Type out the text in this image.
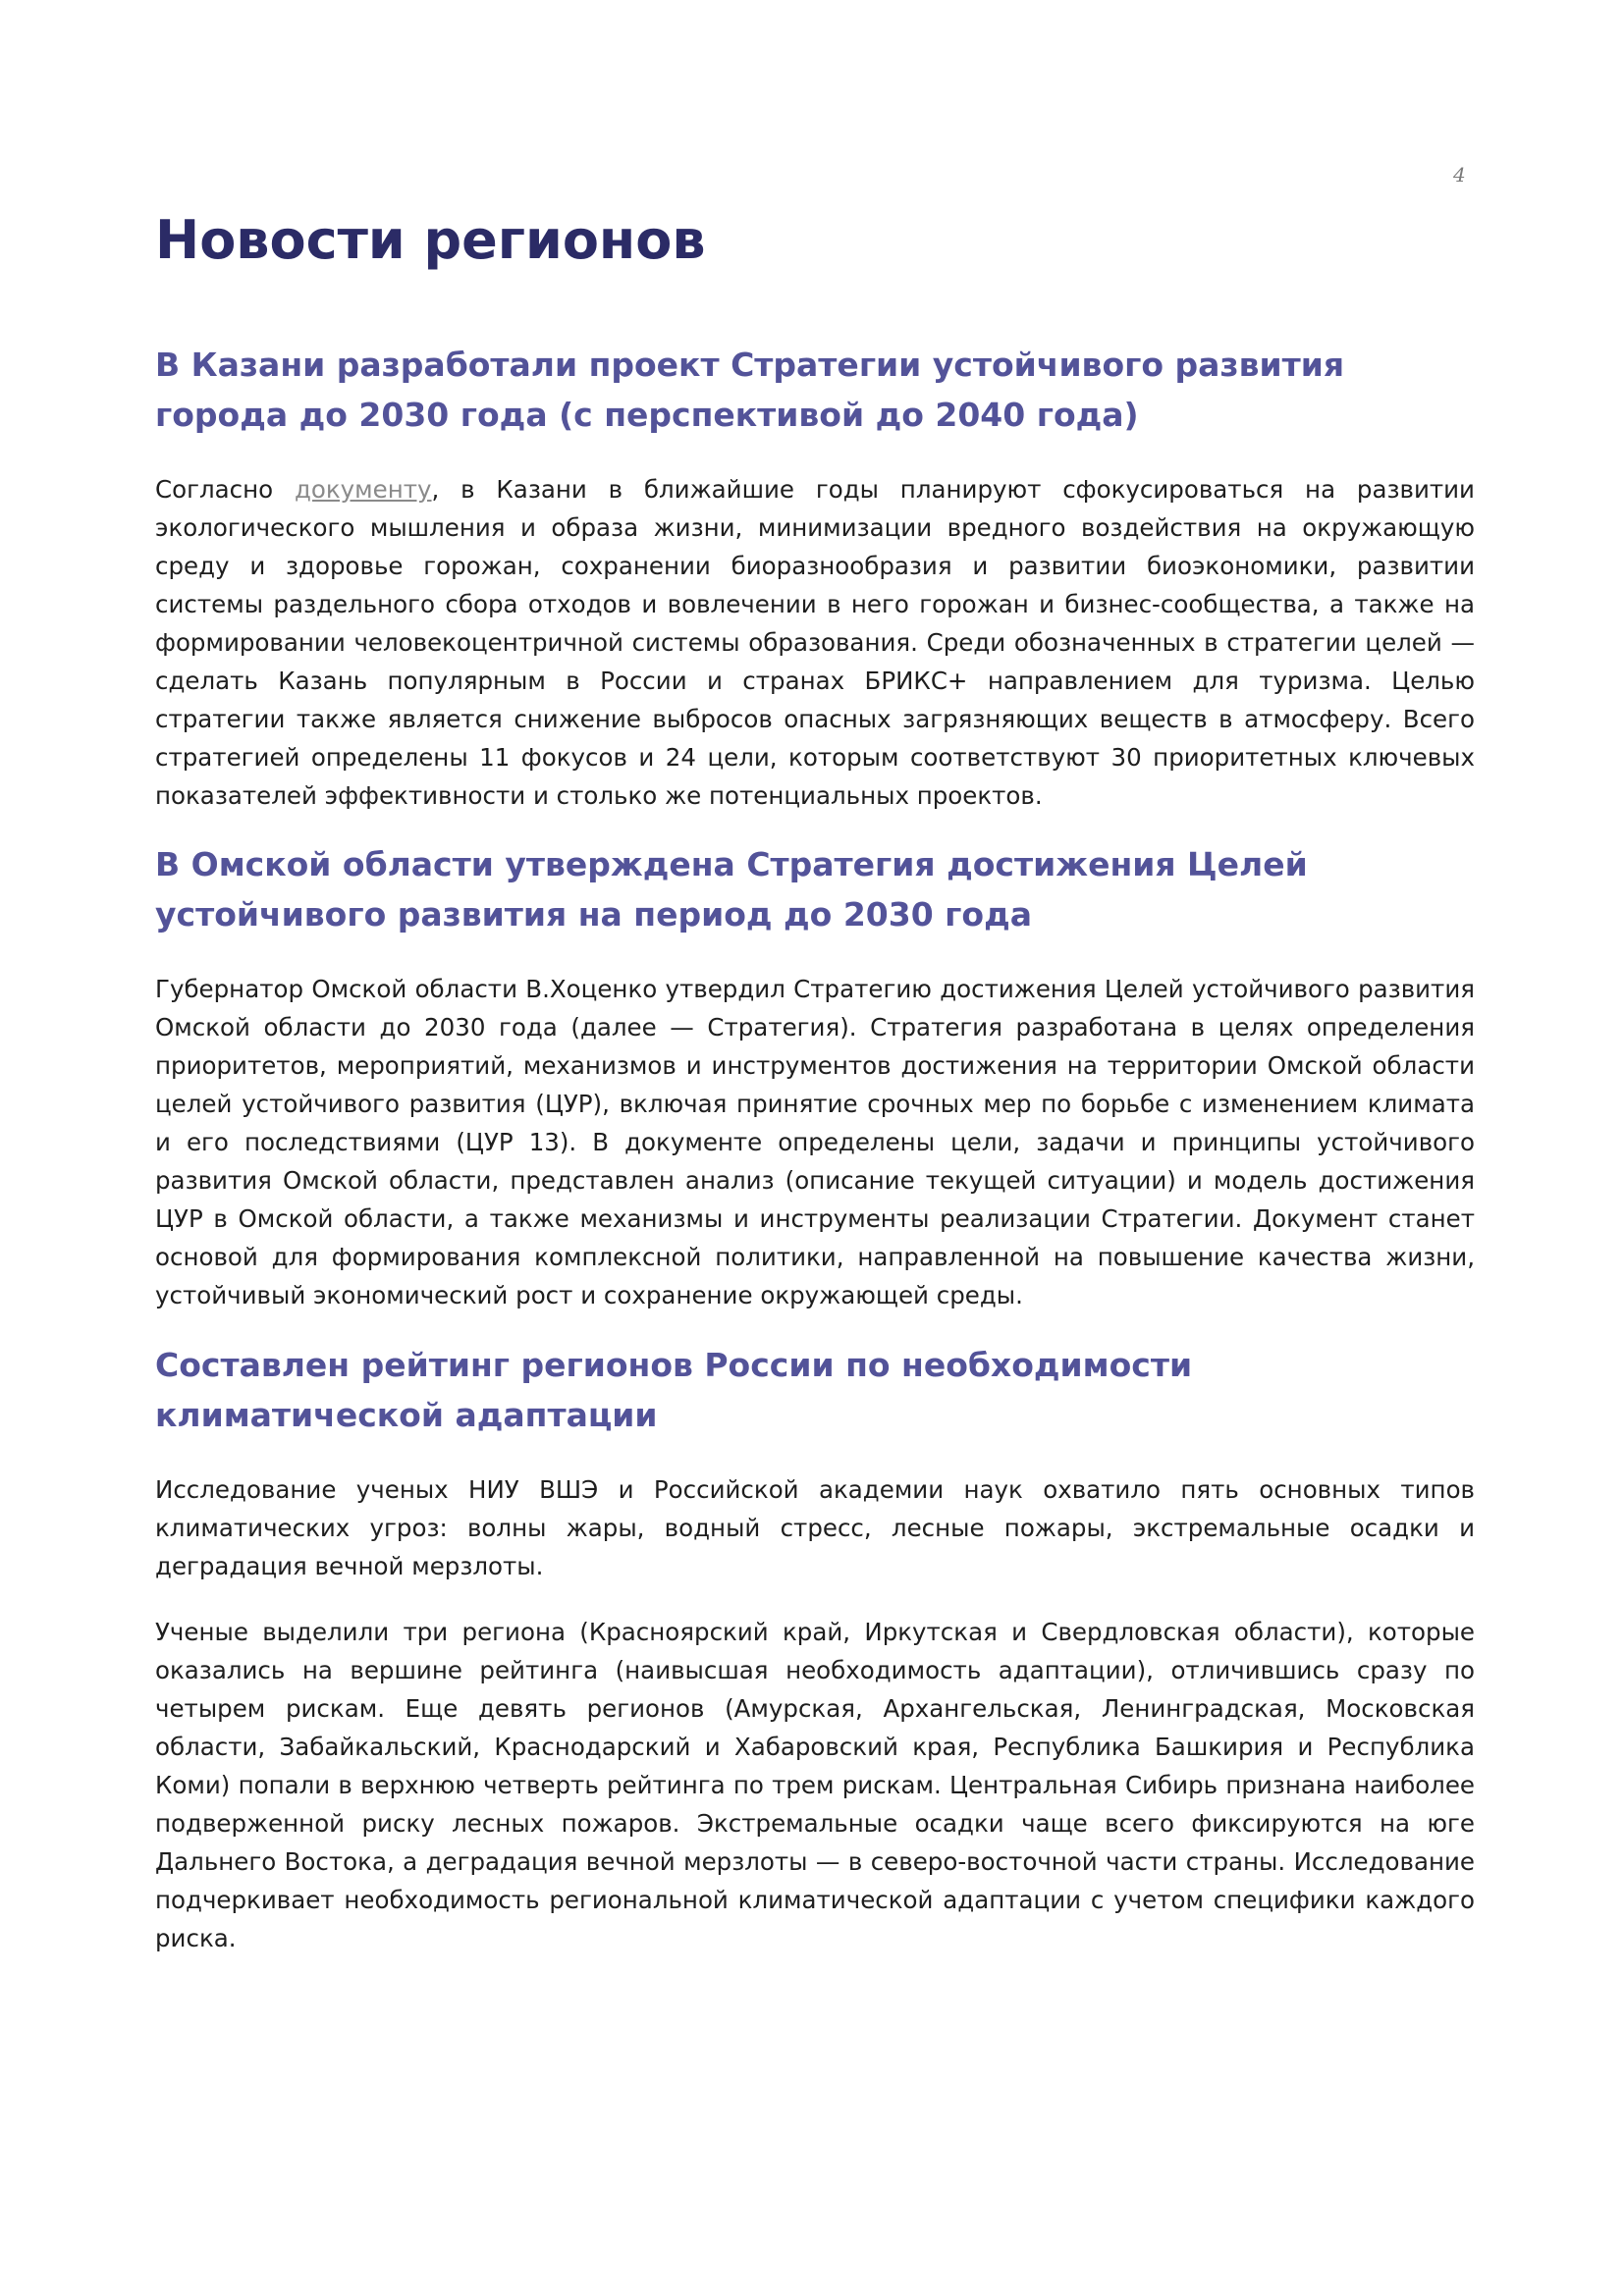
4
Новости регионов
В Казани разработали проект Стратегии устойчивого развития города до 2030 года (с перспективой до 2040 года)

Согласно документу, в Казани в ближайшие годы планируют сфокусироваться на развитии экологического мышления и образа жизни, минимизации вредного воздействия на окружающую среду и здоровье горожан, сохранении биоразнообразия и развитии биоэкономики, развитии системы раздельного сбора отходов и вовлечении в него горожан и бизнес-сообщества, а также на формировании человекоцентричной системы образования. Среди обозначенных в стратегии целей — сделать Казань популярным в России и странах БРИКС+ направлением для туризма. Целью стратегии также является снижение выбросов опасных загрязняющих веществ в атмосферу. Всего стратегией определены 11 фокусов и 24 цели, которым соответствуют 30 приоритетных ключевых показателей эффективности и столько же потенциальных проектов.

В Омской области утверждена Стратегия достижения Целей устойчивого развития на период до 2030 года

Губернатор Омской области В.Хоценко утвердил Стратегию достижения Целей устойчивого развития Омской области до 2030 года (далее — Стратегия). Стратегия разработана в целях определения приоритетов, мероприятий, механизмов и инструментов достижения на территории Омской области целей устойчивого развития (ЦУР), включая принятие срочных мер по борьбе с изменением климата и его последствиями (ЦУР 13). В документе определены цели, задачи и принципы устойчивого развития Омской области, представлен анализ (описание текущей ситуации) и модель достижения ЦУР в Омской области, а также механизмы и инструменты реализации Стратегии. Документ станет основой для формирования комплексной политики, направленной на повышение качества жизни, устойчивый экономический рост и сохранение окружающей среды.

Составлен рейтинг регионов России по необходимости климатической адаптации

Исследование ученых НИУ ВШЭ и Российской академии наук охватило пять основных типов климатических угроз: волны жары, водный стресс, лесные пожары, экстремальные осадки и деградация вечной мерзлоты.

Ученые выделили три региона (Красноярский край, Иркутская и Свердловская области), которые оказались на вершине рейтинга (наивысшая необходимость адаптации), отличившись сразу по четырем рискам. Еще девять регионов (Амурская, Архангельская, Ленинградская, Московская области, Забайкальский, Краснодарский и Хабаровский края, Республика Башкирия и Республика Коми) попали в верхнюю четверть рейтинга по трем рискам. Центральная Сибирь признана наиболее подверженной риску лесных пожаров. Экстремальные осадки чаще всего фиксируются на юге Дальнего Востока, а деградация вечной мерзлоты — в северо-восточной части страны. Исследование подчеркивает необходимость региональной климатической адаптации с учетом специфики каждого риска.
